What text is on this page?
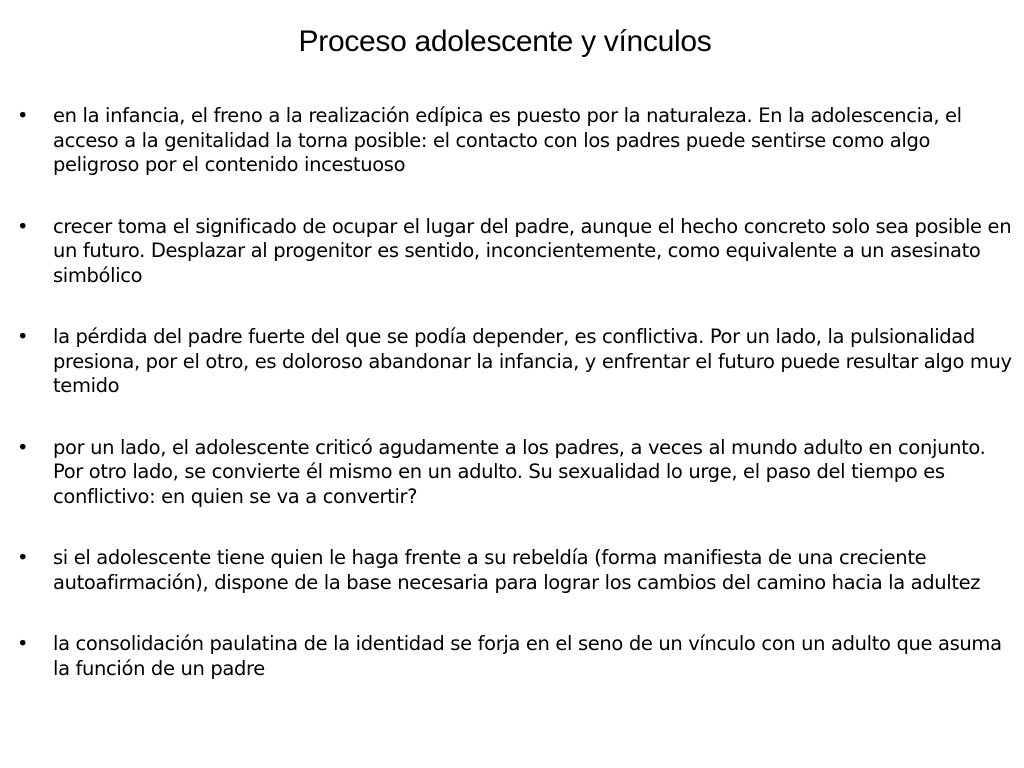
Proceso adolescente y vínculos
•	en la infancia, el freno a la realización edípica es puesto por la naturaleza. En la adolescencia, el acceso a la genitalidad la torna posible: el contacto con los padres puede sentirse como algo peligroso por el contenido incestuoso
•	crecer toma el significado de ocupar el lugar del padre, aunque el hecho concreto solo sea posible en un futuro. Desplazar al progenitor es sentido, inconcientemente, como equivalente a un asesinato simbólico
•	la pérdida del padre fuerte del que se podía depender, es conflictiva. Por un lado, la pulsionalidad presiona, por el otro, es doloroso abandonar la infancia, y enfrentar el futuro puede resultar algo muy temido
•	por un lado, el adolescente criticó agudamente a los padres, a veces al mundo adulto en conjunto. Por otro lado, se convierte él mismo en un adulto. Su sexualidad lo urge, el paso del tiempo es conflictivo: en quien se va a convertir?
•	si el adolescente tiene quien le haga frente a su rebeldía (forma manifiesta de una creciente autoafirmación), dispone de la base necesaria para lograr los cambios del camino hacia la adultez
•	la consolidación paulatina de la identidad se forja en el seno de un vínculo con un adulto que asuma la función de un padre
